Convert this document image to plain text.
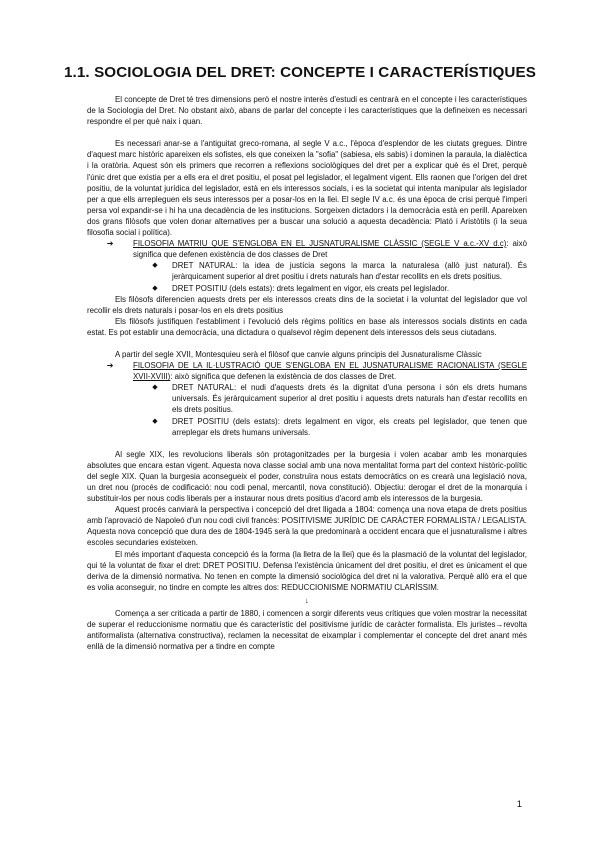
1.1. SOCIOLOGIA DEL DRET: CONCEPTE I CARACTERÍSTIQUES

El concepte de Dret té tres dimensions però el nostre interès d'estudi es centrarà en el concepte i les característiques de la Sociologia del Dret. No obstant això, abans de parlar del concepte i les característiques que la defineixen es necessari respondre el per què naix i quan.

Es necessari anar-se a l'antiguitat greco-romana, al segle V a.c., l'època d'esplendor de les ciutats gregues. Dintre d'aquest marc històric apareixen els sofistes, els que coneixen la "sofia" (sabiesa, els sabis) i dominen la paraula, la dialèctica i la oratòria. Aquest són els primers que recorren a reflexions sociològiques del dret per a explicar què és el Dret, perquè l'únic dret que existia per a ells era el dret positiu, el posat pel legislador, el legalment vigent. Ells raonen que l'origen del dret positiu, de la voluntat jurídica del legislador, està en els interessos socials, i es la societat qui intenta manipular als legislador per a que ells arrepleguen els seus interessos per a posar-los en la llei. El segle IV a.c. és una època de crisi perquè l'imperi persa vol expandir-se i hi ha una decadència de les institucions. Sorgeixen dictadors i la democràcia està en perill. Apareixen dos grans filòsofs que volen donar alternatives per a buscar una solució a aquesta decadència: Plató i Aristòtils (i la seua filosofia social i política).

➔	FILOSOFIA MATRIU QUE S'ENGLOBA EN EL JUSNATURALISME CLÀSSIC (SEGLE V a.c.-XV d.c): això significa que defenen existència de dos classes de Dret

◆	DRET NATURAL: la idea de justícia segons la marca la naturalesa (allò just natural). És jeràrquicament superior al dret positiu i drets naturals han d'estar recollits en els drets positius.

◆	DRET POSITIU (dels estats): drets legalment en vigor, els creats pel legislador.

Els filòsofs diferencien aquests drets per els interessos creats dins de la societat i la voluntat del legislador que vol recollir els drets naturals i posar-los en els drets positius

Els filòsofs justifiquen l'establiment i l'evolució dels règims polítics en base als interessos socials distints en cada estat. Es pot establir una democràcia, una dictadura o qualsevol règim depenent dels interessos dels seus ciutadans.

A partir del segle XVII, Montesquieu serà el filòsof que canvie alguns principis del Jusnaturalisme Clàssic

➔	FILOSOFIA DE LA IL·LUSTRACIÓ QUE S'ENGLOBA EN EL JUSNATURALISME RACIONALISTA (SEGLE XVII-XVIII): això significa que defenen la existència de dos classes de Dret.

◆	DRET NATURAL: el nudi d'aquests drets és la dignitat d'una persona i són els drets humans universals. És jeràrquicament superior al dret positiu i aquests drets naturals han d'estar recollits en els drets positius.

◆	DRET POSITIU (dels estats): drets legalment en vigor, els creats pel legislador, que tenen que arreplegar els drets humans universals.

Al segle XIX, les revolucions liberals són protagonitzades per la burgesia i volen acabar amb les monarquies absolutes que encara estan vigent. Aquesta nova classe social amb una nova mentalitat forma part del context històric-polític del segle XIX. Quan la burgesia aconsegueix el poder, construïra nous estats democràtics on es crearà una legislació nova, un dret nou (procés de codificació: nou codi penal, mercantil, nova constitució). Objectiu: derogar el dret de la monarquia i substituir-los per nous codis liberals per a instaurar nous drets positius d'acord amb els interessos de la burgesia.

Aquest procés canviarà la perspectiva i concepció del dret lligada a 1804: comença una nova etapa de drets positius amb l'aprovació de Napoleó d'un nou codi civil francès: POSITIVISME JURÍDIC DE CARÀCTER FORMALISTA / LEGALISTA. Aquesta nova concepció que dura des de 1804-1945 serà la que predominarà a occident encara que el jusnaturalisme i altres escoles secundaries existeixen.

El més important d'aquesta concepció és la forma (la lletra de la llei) que és la plasmació de la voluntat del legislador, qui té la voluntat de fixar el dret: DRET POSITIU. Defensa l'existència únicament del dret positiu, el dret es únicament el que deriva de la dimensió normativa. No tenen en compte la dimensió sociològica del dret ni la valorativa. Perquè allò era el que es volia aconseguir, no tindre en compte les altres dos: REDUCCIONISME NORMATIU CLARÍSSIM.

↓

Comença a ser criticada a partir de 1880, i comencen a sorgir diferents veus crítiques que volen mostrar la necessitat de superar el reduccionisme normatiu que és característic del positivisme jurídic de caràcter formalista. Els juristes→revolta antiformalista (alternativa constructiva), reclamen la necessitat de eixamplar i complementar el concepte del dret anant més enllà de la dimensió normativa per a tindre en compte

1
